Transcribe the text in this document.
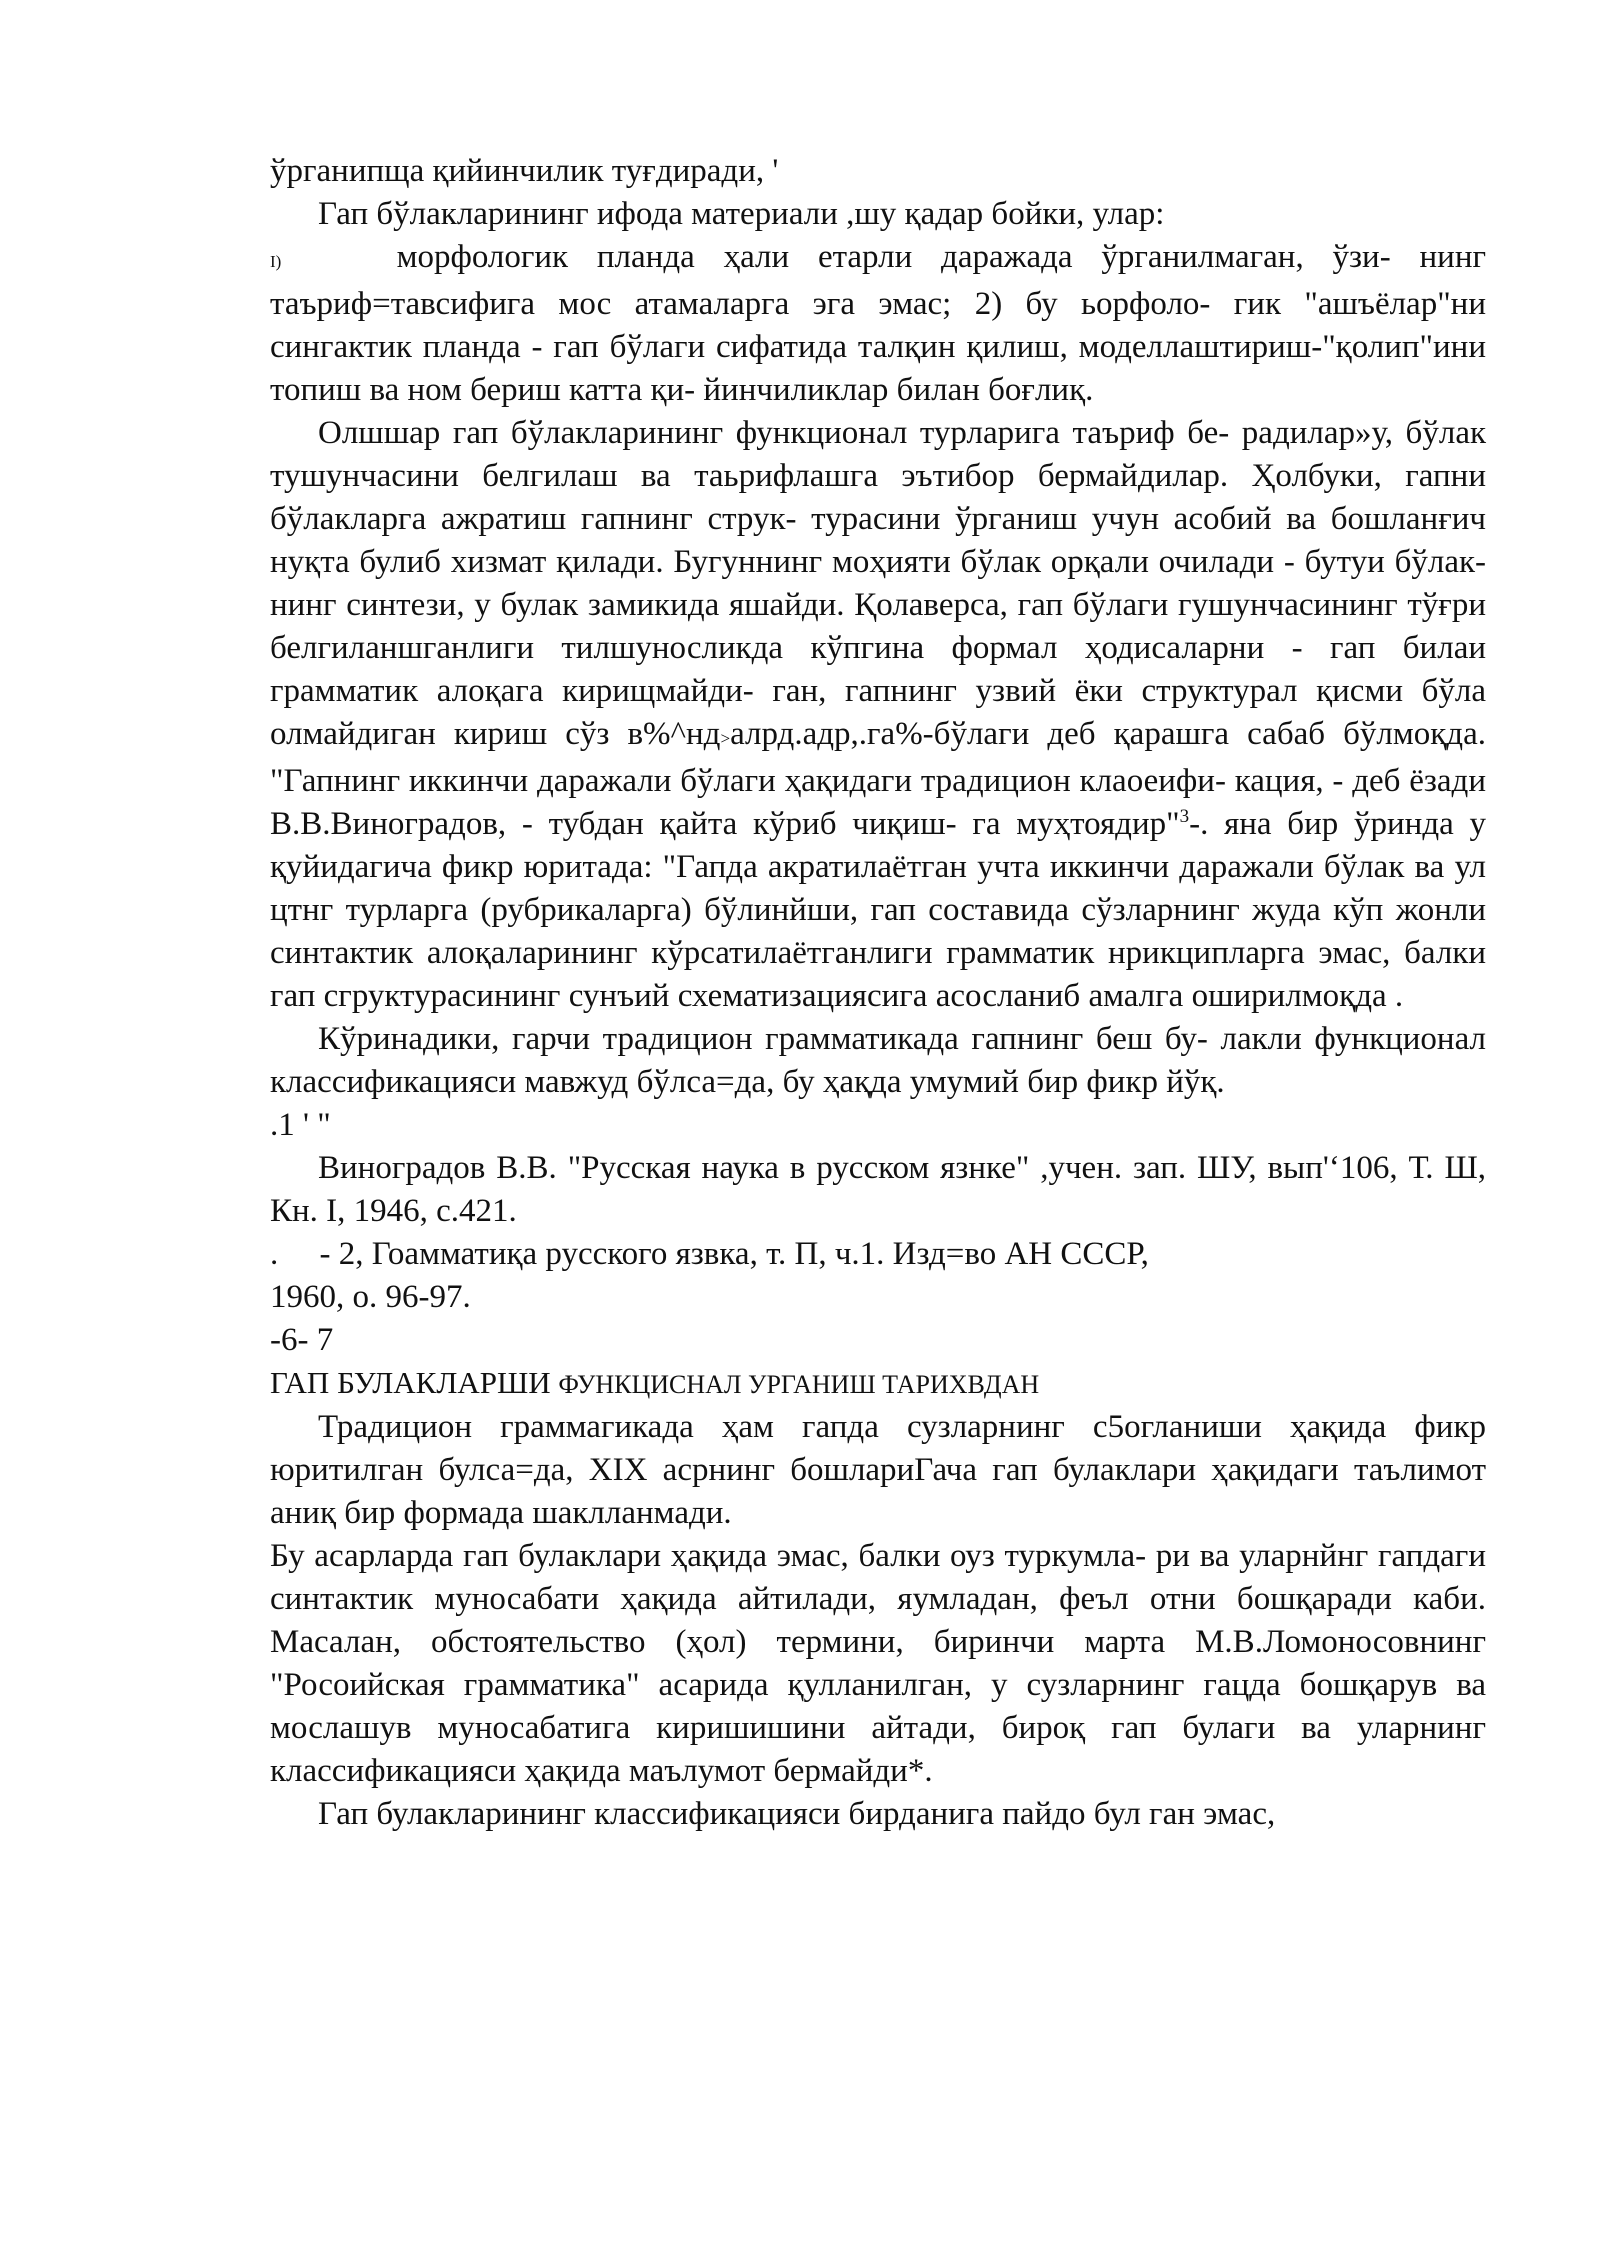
ўрганипща қийинчилик туғдиради, '

Гап бўлакларининг ифода материали ,шу қадар бойки, улар:

I)	морфологик планда ҳали етарли даражада ўрганилмаган, ўзи- нинг таъриф=тавсифига мос атамаларга эга эмас; 2) бу ьорфоло- гик "ашъёлар"ни сингактик планда - гап бўлаги сифатида талқин қилиш, моделлаштириш-"қолип"ини топиш ва ном бериш катта қи- йинчиликлар билан боғлиқ.

Олшшар гап бўлакларининг функционал турларига таъриф бе- радилар»у, бўлак тушунчасини белгилаш ва таьрифлашга эътибор бермайдилар. Ҳолбуки, гапни бўлакларга ажратиш гапнинг струк- турасини ўрганиш учун асобий ва бошланғич нуқта булиб хизмат қилади. Бугуннинг моҳияти бўлак орқали очилади - бутуи бўлак- нинг синтези, у булак замикида яшайди. Қолаверса, гап бўлаги гушунчасининг тўғри белгиланшганлиги тилшуносликда кўпгина формал ҳодисаларни - гап билаи грамматик алоқага кирищмайди- ган, гапнинг узвий ёки структурал қисми бўла олмайдиган кириш сўз в%^нд>алрд.адр,.га%-бўлаги деб қарашга сабаб бўлмоқда. "Гапнинг иккинчи даражали бўлаги ҳақидаги традицион клаоеифи- кация, - деб ёзади В.В.Виноградов, - тубдан қайта кўриб чиқиш- га муҳтоядир"$^3$-. яна бир ўринда у қуйидагича фикр юритада: "Гапда акратилаётган учта иккинчи даражали бўлак ва ул цтнг турларга (рубрикаларга) бўлинйши, гап составида сўзларнинг жуда кўп жонли синтактик алоқаларининг кўрсатилаётганлиги грамматик нрикципларга эмас, балки гап сгруктурасининг сунъий схематизациясига асосланиб амалга оширилмоқда .

Кўринадики, гарчи традицион грамматикада гапнинг беш бу- лакли функционал классификацияси мавжуд бўлса=да, бу ҳақда умумий бир фикр йўқ.

.1 ' "

Виноградов В.В. "Русская наука в русском язнке" ,учен. зап. ШУ, вып'‘106, Т. Ш, Кн. I, 1946, с.421.

.     - 2, Гоамматиқа русского язвка, т. П, ч.1. Изд=во АН СССР,

1960, о. 96-97.

-6- 7

ГАП БУЛАКЛАРШИ ФУНКЦИСНАЛ УРГАНИШ ТАРИХВДАН

Традицион граммагикада ҳам гапда сузларнинг с5огланиши ҳақида фикр юритилган булса=да, XIX асрнинг бошлариГача гап булаклари ҳақидаги таълимот аниқ бир формада шаклланмади.

Бу асарларда гап булаклари ҳақида эмас, балки оуз туркумла- ри ва уларнйнг гапдаги синтактик муносабати ҳақида айтилади, яумладан, феъл отни бошқаради каби. Масалан, обстоятельство (ҳол) термини, биринчи марта М.В.Ломоносовнинг "Росоийская грамматика" асарида қулланилган, у сузларнинг гацда бошқарув ва мослашув муносабатига киришишини айтади, бироқ гап булаги ва уларнинг классификацияси ҳақида маълумот бермайди*.

Гап булакларининг классификацияси бирданига пайдо бул ган эмас,
